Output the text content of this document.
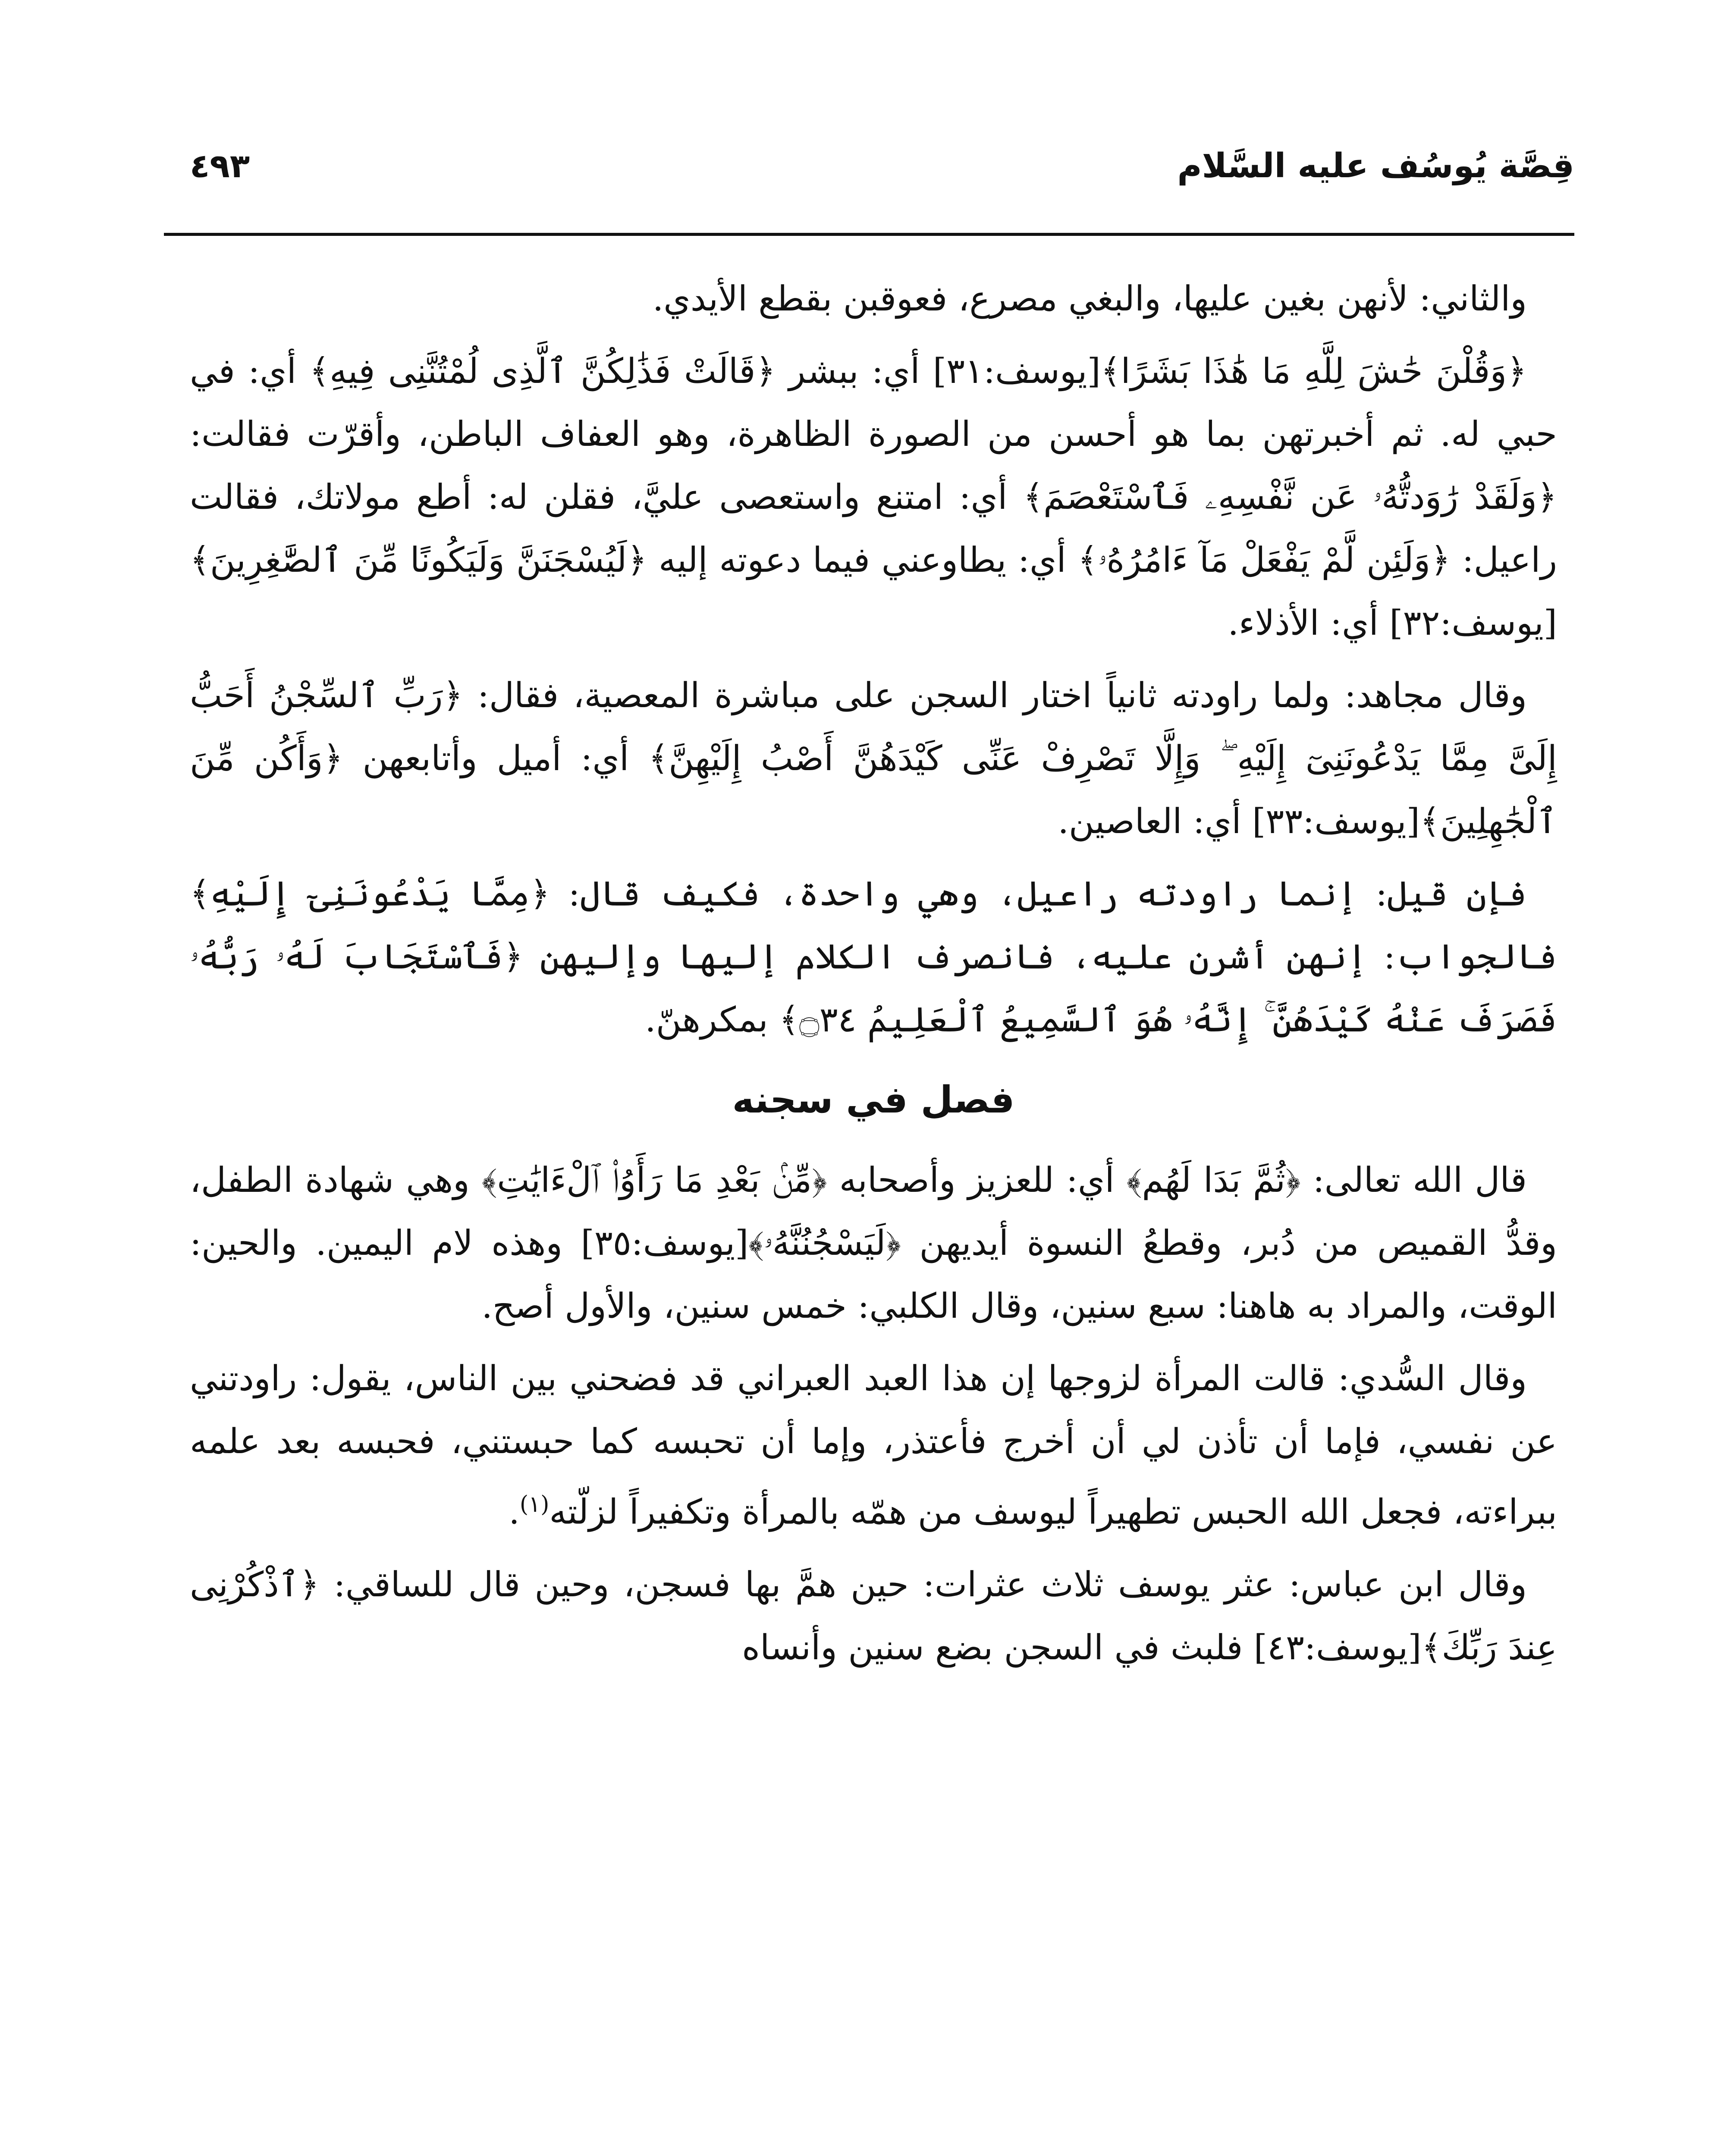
قِصَّة يُوسُف عليه السَّلام
٤٩٣

والثاني: لأنهن بغين عليها، والبغي مصرع، فعوقبن بقطع الأيدي.

﴿وَقُلْنَ حَٰشَ لِلَّهِ مَا هَٰذَا بَشَرًا﴾[يوسف:٣١] أي: ببشر ﴿قَالَتْ فَذَٰلِكُنَّ ٱلَّذِى لُمْتُنَّنِى فِيهِ﴾ أي: في حبي له. ثم أخبرتهن بما هو أحسن من الصورة الظاهرة، وهو العفاف الباطن، وأقرّت فقالت: ﴿وَلَقَدْ رَٰوَدتُّهُۥ عَن نَّفْسِهِۦ فَٱسْتَعْصَمَ﴾ أي: امتنع واستعصى عليَّ، فقلن له: أطع مولاتك، فقالت راعيل: ﴿وَلَئِن لَّمْ يَفْعَلْ مَآ ءَامُرُهُۥ﴾ أي: يطاوعني فيما دعوته إليه ﴿لَيُسْجَنَنَّ وَلَيَكُونًا مِّنَ ٱلصَّٰغِرِينَ﴾[يوسف:٣٢] أي: الأذلاء.

وقال مجاهد: ولما راودته ثانياً اختار السجن على مباشرة المعصية، فقال: ﴿رَبِّ ٱلسِّجْنُ أَحَبُّ إِلَىَّ مِمَّا يَدْعُونَنِىٓ إِلَيْهِ ۖ وَإِلَّا تَصْرِفْ عَنِّى كَيْدَهُنَّ أَصْبُ إِلَيْهِنَّ﴾ أي: أميل وأتابعهن ﴿وَأَكُن مِّنَ ٱلْجَٰهِلِينَ﴾[يوسف:٣٣] أي: العاصين.

فإن قيل: إنما راودته راعيل، وهي واحدة، فكيف قال: ﴿مِمَّا يَدْعُونَنِىٓ إِلَيْهِ﴾ فالجواب: إنهن أشرن عليه، فانصرف الكلام إليها وإليهن ﴿فَٱسْتَجَابَ لَهُۥ رَبُّهُۥ فَصَرَفَ عَنْهُ كَيْدَهُنَّ ۚ إِنَّهُۥ هُوَ ٱلسَّمِيعُ ٱلْعَلِيمُ ۝٣٤﴾ بمكرهنّ.

فصل في سجنه

قال الله تعالى: ﴿ثُمَّ بَدَا لَهُم﴾ أي: للعزيز وأصحابه ﴿مِّنۢ بَعْدِ مَا رَأَوُا۟ ٱلْءَايَٰتِ﴾ وهي شهادة الطفل، وقدُّ القميص من دُبر، وقطعُ النسوة أيديهن ﴿لَيَسْجُنُنَّهُۥ﴾[يوسف:٣٥] وهذه لام اليمين. والحين: الوقت، والمراد به هاهنا: سبع سنين، وقال الكلبي: خمس سنين، والأول أصح.

وقال السُّدي: قالت المرأة لزوجها إن هذا العبد العبراني قد فضحني بين الناس، يقول: راودتني عن نفسي، فإما أن تأذن لي أن أخرج فأعتذر، وإما أن تحبسه كما حبستني، فحبسه بعد علمه ببراءته، فجعل الله الحبس تطهيراً ليوسف من همّه بالمرأة وتكفيراً لزلّته$^{(١)}$.

وقال ابن عباس: عثر يوسف ثلاث عثرات: حين همَّ بها فسجن، وحين قال للساقي: ﴿ٱذْكُرْنِى عِندَ رَبِّكَ﴾[يوسف:٤٣] فلبث في السجن بضع سنين وأنساه
